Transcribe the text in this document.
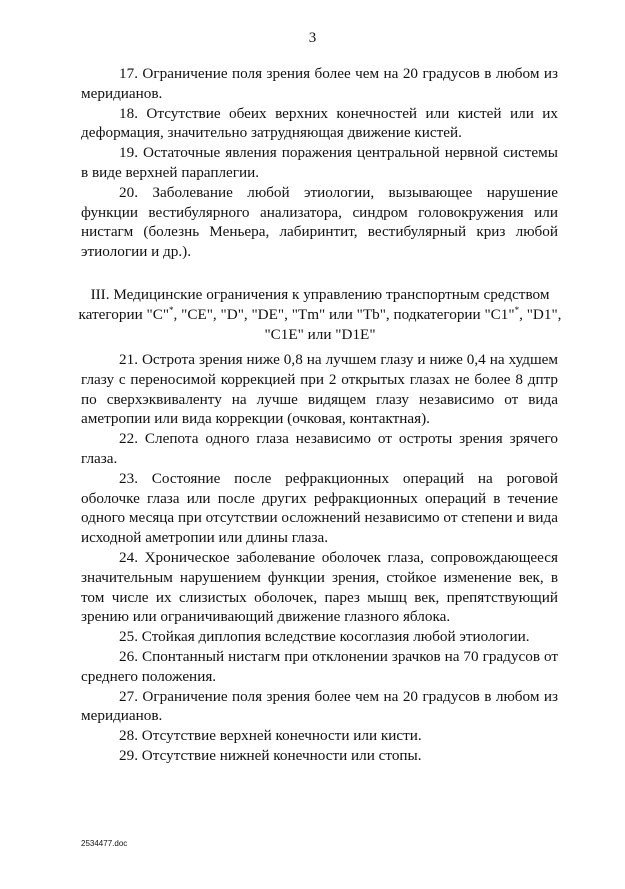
3

17. Ограничение поля зрения более чем на 20 градусов в любом из меридианов.

18. Отсутствие обеих верхних конечностей или кистей или их деформация, значительно затрудняющая движение кистей.

19. Остаточные явления поражения центральной нервной системы в виде верхней параплегии.

20. Заболевание любой этиологии, вызывающее нарушение функции вестибулярного анализатора, синдром головокружения или нистагм (болезнь Меньера, лабиринтит, вестибулярный криз любой этиологии и др.).

III. Медицинские ограничения к управлению транспортным средством

категории "C"*, "CE", "D", "DE", "Tm" или "Tb", подкатегории "C1"*, "D1",

"C1E" или "D1E"

21. Острота зрения ниже 0,8 на лучшем глазу и ниже 0,4 на худшем глазу с переносимой коррекцией при 2 открытых глазах не более 8 дптр по сверхэквиваленту на лучше видящем глазу независимо от вида аметропии или вида коррекции (очковая, контактная).

22. Слепота одного глаза независимо от остроты зрения зрячего глаза.

23. Состояние после рефракционных операций на роговой оболочке глаза или после других рефракционных операций в течение одного месяца при отсутствии осложнений независимо от степени и вида исходной аметропии или длины глаза.

24. Хроническое заболевание оболочек глаза, сопровождающееся значительным нарушением функции зрения, стойкое изменение век, в том числе их слизистых оболочек, парез мышц век, препятствующий зрению или ограничивающий движение глазного яблока.

25. Стойкая диплопия вследствие косоглазия любой этиологии.

26. Спонтанный нистагм при отклонении зрачков на 70 градусов от среднего положения.

27. Ограничение поля зрения более чем на 20 градусов в любом из меридианов.

28. Отсутствие верхней конечности или кисти.

29. Отсутствие нижней конечности или стопы.

2534477.doc
